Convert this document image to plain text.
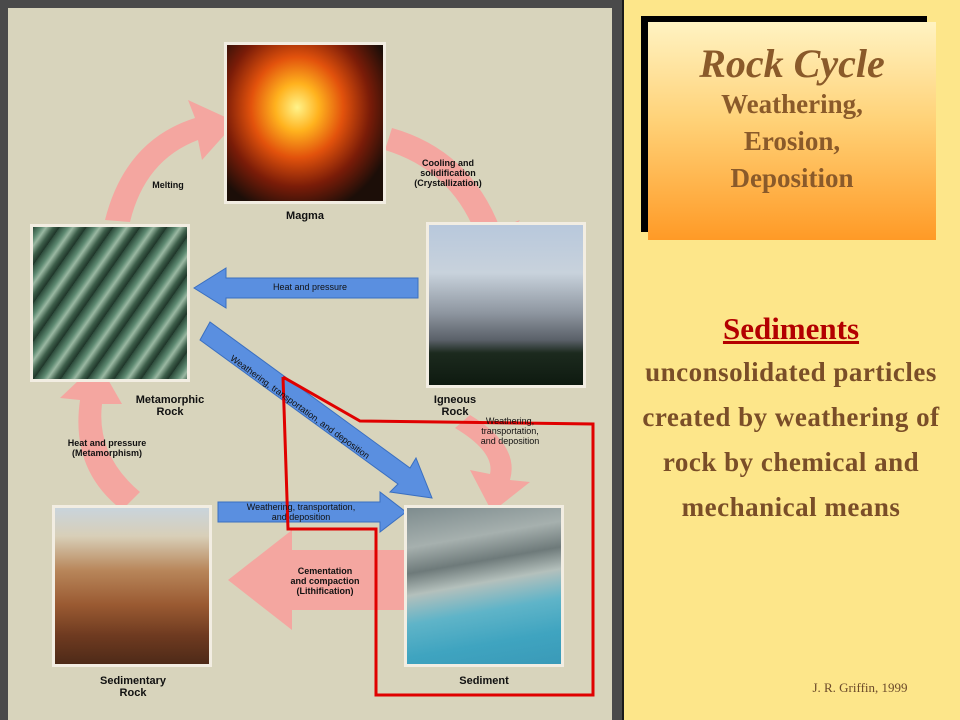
Magma
Metamorphic
Rock
Igneous
Rock
Sedimentary
Rock
Sediment
Melting
Cooling and
solidification
(Crystallization)
Heat and pressure
Weathering, transportation, and deposition	Weathering,
transportation,
and deposition
Weathering, transportation,
and deposition
Cementation
and compaction
(Lithification)
Heat and pressure
(Metamorphism)
Rock Cycle
Weathering,
Erosion,
Deposition
Sediments
unconsolidated particles created by weathering of rock by chemical and mechanical means
J. R. Griffin, 1999
